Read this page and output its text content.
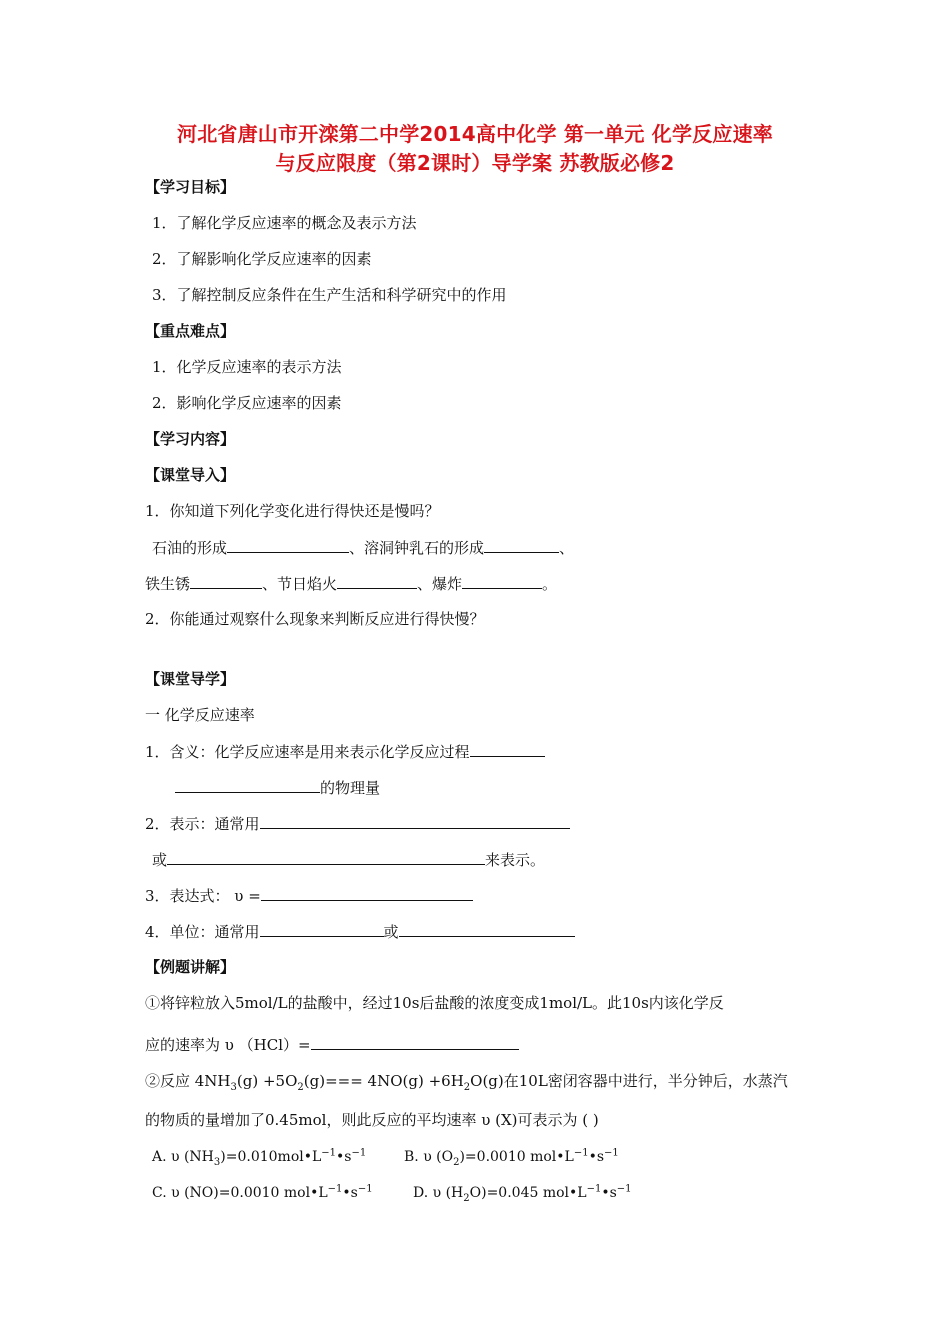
河北省唐山市开滦第二中学2014高中化学 第一单元 化学反应速率
与反应限度（第2课时）导学案 苏教版必修2
【学习目标】
1．了解化学反应速率的概念及表示方法
2．了解影响化学反应速率的因素
3．了解控制反应条件在生产生活和科学研究中的作用
【重点难点】
1．化学反应速率的表示方法
2．影响化学反应速率的因素
【学习内容】
【课堂导入】
1．你知道下列化学变化进行得快还是慢吗？
石油的形成	、溶洞钟乳石的形成	、
铁生锈	、节日焰火	、爆炸	。
2．你能通过观察什么现象来判断反应进行得快慢？
【课堂导学】
一 化学反应速率
1．含义：化学反应速率是用来表示化学反应过程
的物理量
2．表示：通常用
或	来表示。
3．表达式： υ =
4．单位：通常用	或
【例题讲解】
①将锌粒放入5mol/L的盐酸中，经过10s后盐酸的浓度变成1mol/L。此10s内该化学反
应的速率为 υ （HCl）=
②反应 $4NH_3(g) +5O_2(g)=== 4NO(g) +6H_2O(g)$在10L密闭容器中进行，半分钟后，水蒸汽
的物质的量增加了0.45mol，则此反应的平均速率 υ (X)可表示为 ( )
A. υ $(NH_3)=0.010mol•L^{-1}•s^{-1}$	B. υ $(O_2)=0.0010$ $mol•L^{-1}•s^{-1}$
C. υ (NO)=0.0010 $mol•L^{-1}•s^{-1}$	D. υ $(H_2O)=0.045$ $mol•L^{-1}•s^{-1}$
